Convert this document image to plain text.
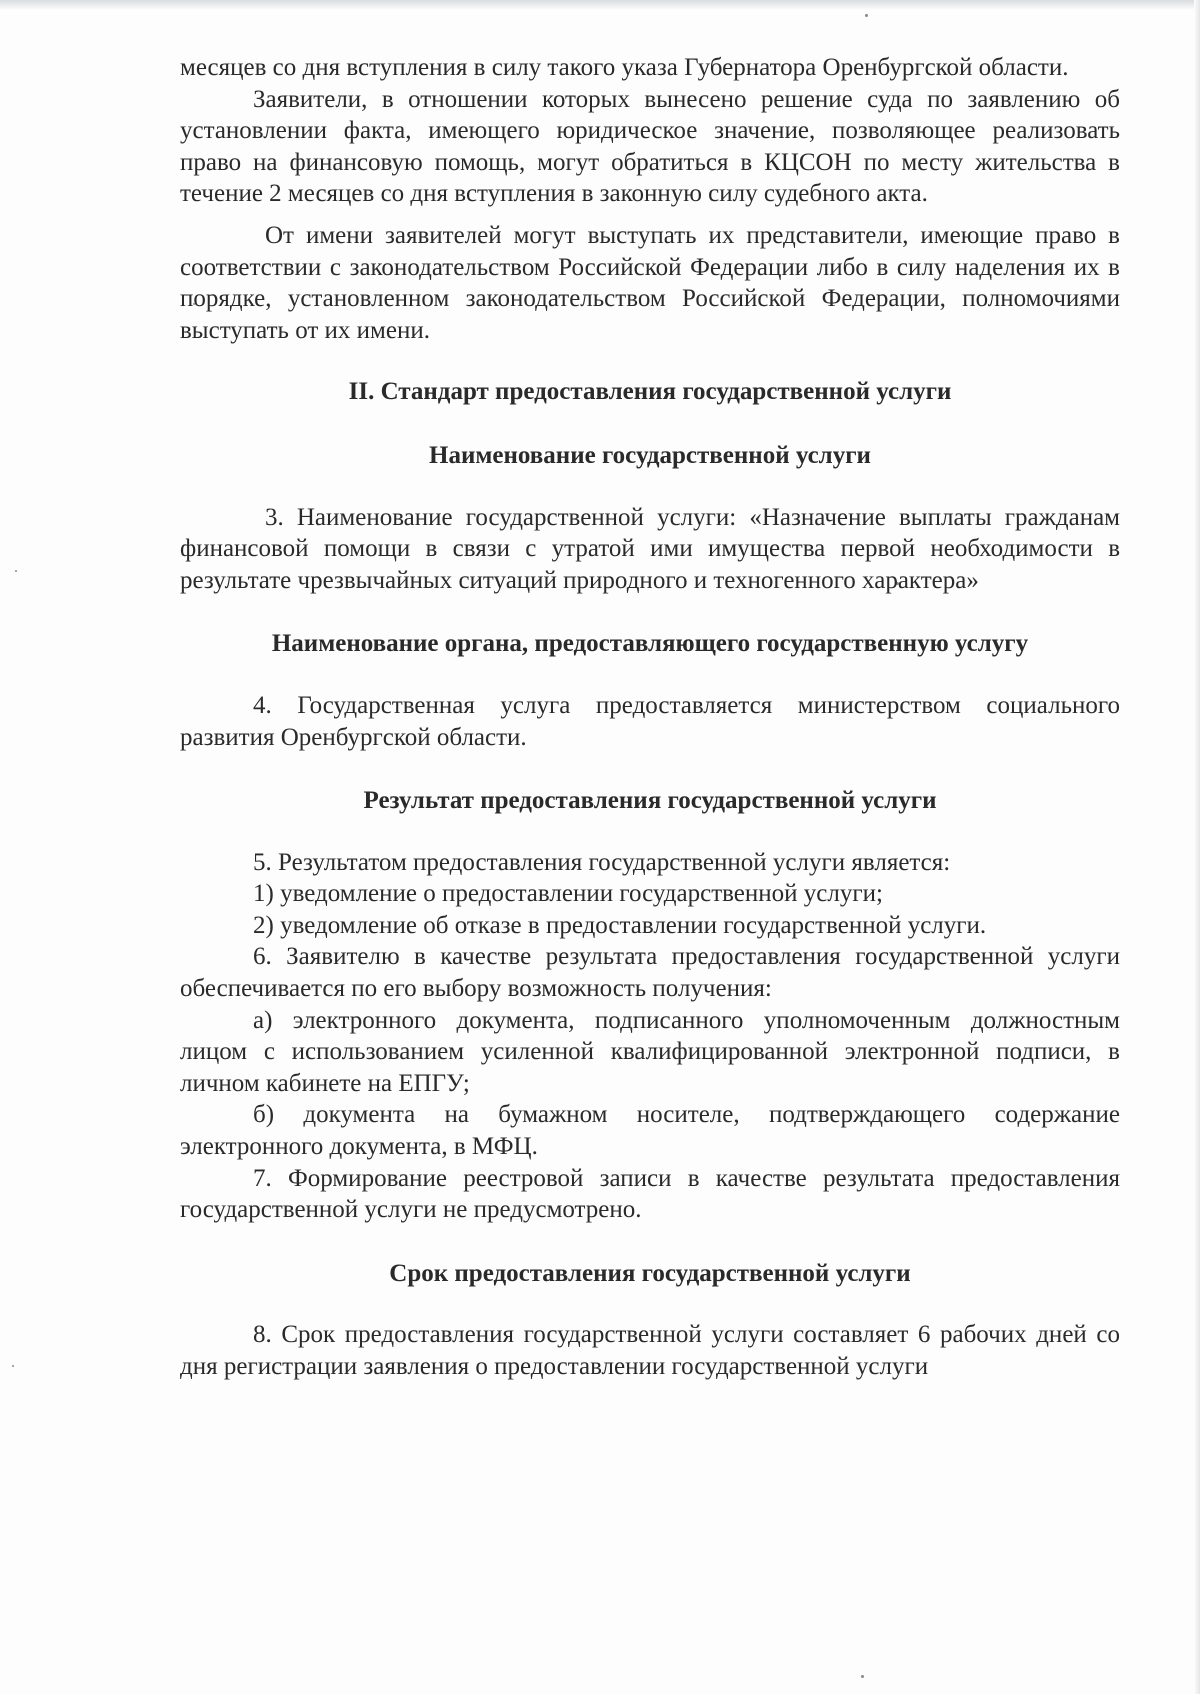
месяцев со дня вступления в силу такого указа Губернатора Оренбургской области.

Заявители, в отношении которых вынесено решение суда по заявлению об установлении факта, имеющего юридическое значение, позволяющее реализовать право на финансовую помощь, могут обратиться в КЦСОН по месту жительства в течение 2 месяцев со дня вступления в законную силу судебного акта.

От имени заявителей могут выступать их представители, имеющие право в соответствии с законодательством Российской Федерации либо в силу наделения их в порядке, установленном законодательством Российской Федерации, полномочиями выступать от их имени.

II. Стандарт предоставления государственной услуги

Наименование государственной услуги

3. Наименование государственной услуги: «Назначение выплаты гражданам финансовой помощи в связи с утратой ими имущества первой необходимости в результате чрезвычайных ситуаций природного и техногенного характера»

Наименование органа, предоставляющего государственную услугу

4. Государственная услуга предоставляется министерством социального развития Оренбургской области.

Результат предоставления государственной услуги

5. Результатом предоставления государственной услуги является:

1) уведомление о предоставлении государственной услуги;

2) уведомление об отказе в предоставлении государственной услуги.

6. Заявителю в качестве результата предоставления государственной услуги обеспечивается по его выбору возможность получения:

а) электронного документа, подписанного уполномоченным должностным лицом с использованием усиленной квалифицированной электронной подписи, в личном кабинете на ЕПГУ;

б) документа на бумажном носителе, подтверждающего содержание электронного документа, в МФЦ.

7. Формирование реестровой записи в качестве результата предоставления государственной услуги не предусмотрено.

Срок предоставления государственной услуги

8. Срок предоставления государственной услуги составляет 6 рабочих дней со дня регистрации заявления о предоставлении государственной услуги
